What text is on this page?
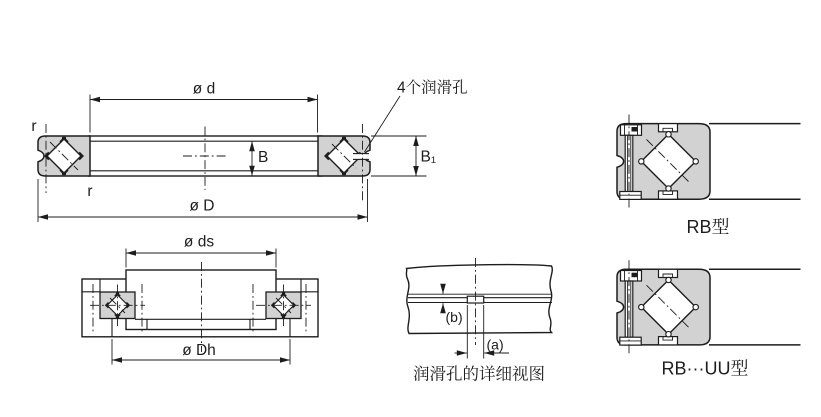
ø d
ø D
B	B₁
r
r
4个润滑孔
ø ds
ø Dh
(b)
(a)
润滑孔的详细视图
RB型
RB···UU型
